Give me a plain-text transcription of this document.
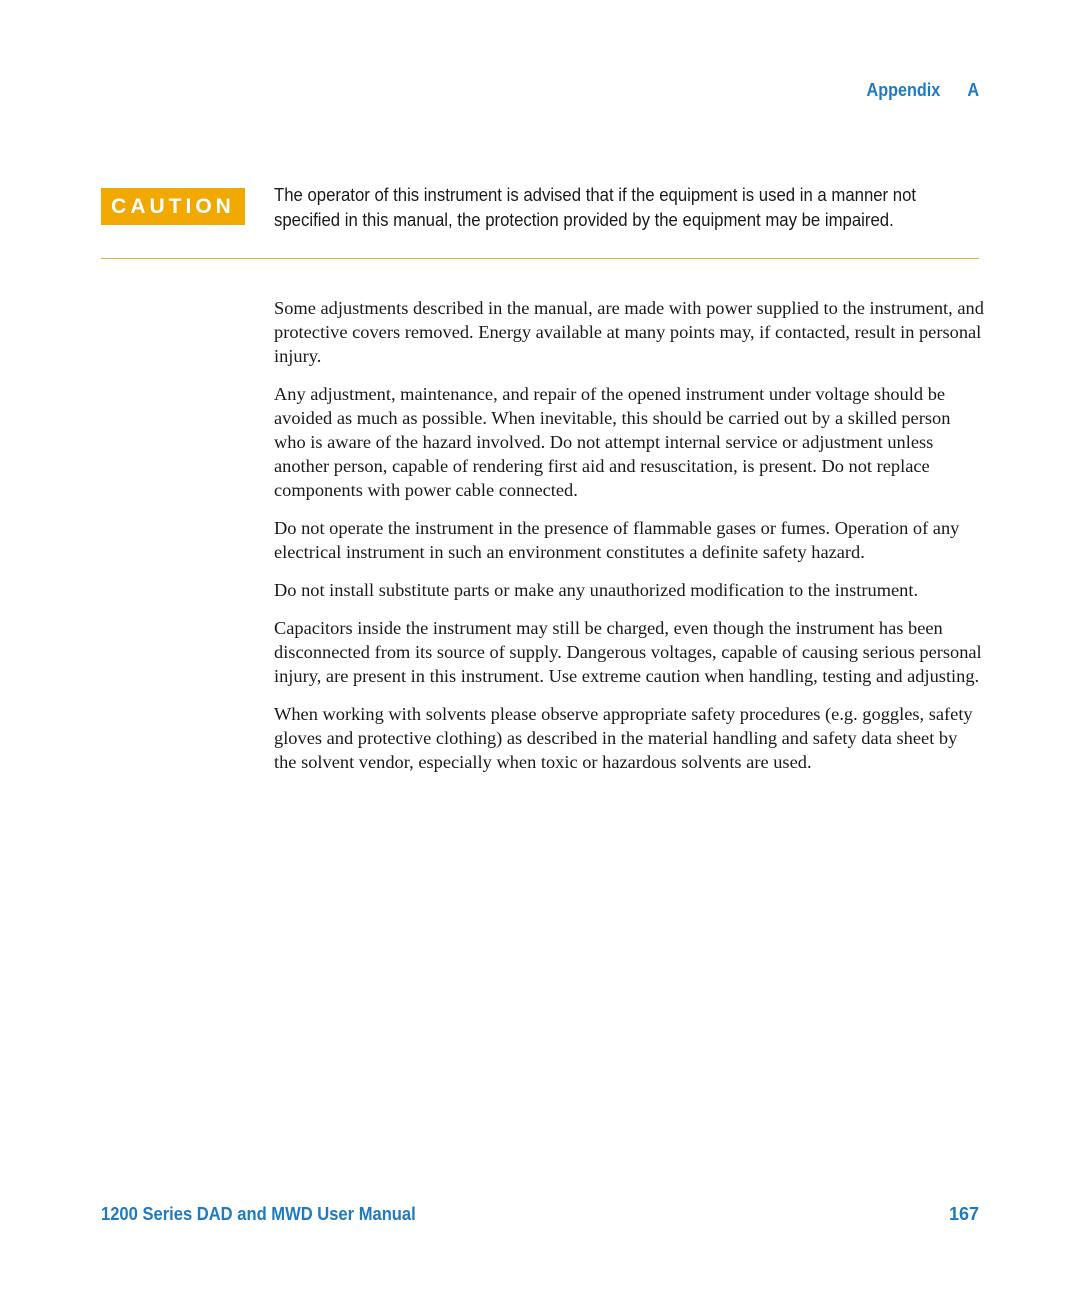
Appendix A
CAUTION	The operator of this instrument is advised that if the equipment is used in a manner not specified in this manual, the protection provided by the equipment may be impaired.

Some adjustments described in the manual, are made with power supplied to the instrument, and protective covers removed. Energy available at many points may, if contacted, result in personal injury.

Any adjustment, maintenance, and repair of the opened instrument under voltage should be avoided as much as possible. When inevitable, this should be carried out by a skilled person who is aware of the hazard involved. Do not attempt internal service or adjustment unless another person, capable of rendering first aid and resuscitation, is present. Do not replace components with power cable connected.

Do not operate the instrument in the presence of flammable gases or fumes. Operation of any electrical instrument in such an environment constitutes a definite safety hazard.

Do not install substitute parts or make any unauthorized modification to the instrument.

Capacitors inside the instrument may still be charged, even though the instrument has been disconnected from its source of supply. Dangerous voltages, capable of causing serious personal injury, are present in this instrument. Use extreme caution when handling, testing and adjusting.

When working with solvents please observe appropriate safety procedures (e.g. goggles, safety gloves and protective clothing) as described in the material handling and safety data sheet by the solvent vendor, especially when toxic or hazardous solvents are used.

1200 Series DAD and MWD User Manual	167
